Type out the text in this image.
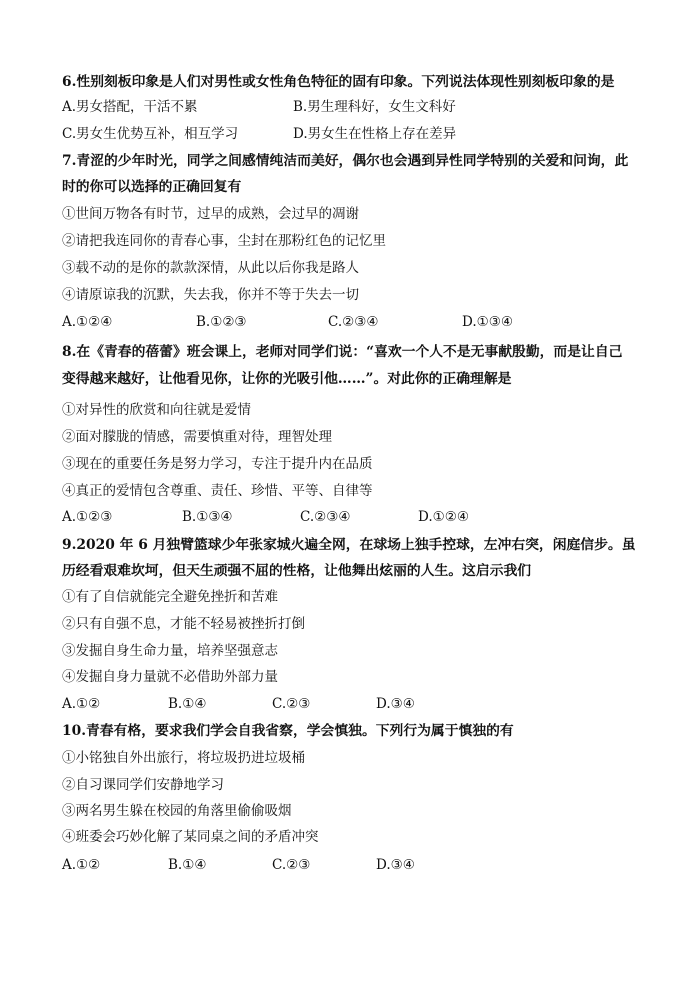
6.性别刻板印象是人们对男性或女性角色特征的固有印象。下列说法体现性别刻板印象的是
A.男女搭配，干活不累	B.男生理科好，女生文科好
C.男女生优势互补，相互学习	D.男女生在性格上存在差异
7.青涩的少年时光，同学之间感情纯洁而美好，偶尔也会遇到异性同学特别的关爱和问询，此
时的你可以选择的正确回复有
①世间万物各有时节，过早的成熟，会过早的凋谢
②请把我连同你的青春心事，尘封在那粉红色的记忆里
③载不动的是你的款款深情，从此以后你我是路人
④请原谅我的沉默，失去我，你并不等于失去一切
A.①②④	B.①②③	C.②③④	D.①③④
8.在《青春的蓓蕾》班会课上，老师对同学们说：“喜欢一个人不是无事献殷勤，而是让自己
变得越来越好，让他看见你，让你的光吸引他……”。对此你的正确理解是
①对异性的欣赏和向往就是爱情
②面对朦胧的情感，需要慎重对待，理智处理
③现在的重要任务是努力学习，专注于提升内在品质
④真正的爱情包含尊重、责任、珍惜、平等、自律等
A.①②③	B.①③④	C.②③④	D.①②④
9.2020 年 6 月独臂篮球少年张家城火遍全网，在球场上独手控球，左冲右突，闲庭信步。虽
历经看艰难坎坷，但天生顽强不屈的性格，让他舞出炫丽的人生。这启示我们
①有了自信就能完全避免挫折和苦难
②只有自强不息，才能不轻易被挫折打倒
③发掘自身生命力量，培养坚强意志
④发掘自身力量就不必借助外部力量
A.①②	B.①④	C.②③	D.③④
10.青春有格，要求我们学会自我省察，学会慎独。下列行为属于慎独的有
①小铭独自外出旅行，将垃圾扔进垃圾桶
②自习课同学们安静地学习
③两名男生躲在校园的角落里偷偷吸烟
④班委会巧妙化解了某同桌之间的矛盾冲突
A.①②	B.①④	C.②③	D.③④
